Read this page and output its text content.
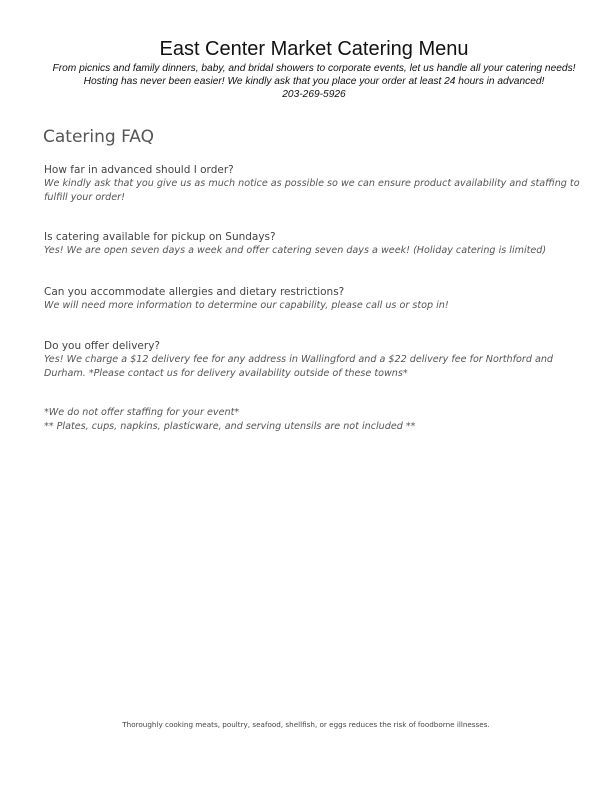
East Center Market Catering Menu
From picnics and family dinners, baby, and bridal showers to corporate events, let us handle all your catering needs! Hosting has never been easier! We kindly ask that you place your order at least 24 hours in advanced!
203-269-5926
Catering FAQ
How far in advanced should I order?
We kindly ask that you give us as much notice as possible so we can ensure product availability and staffing to fulfill your order!
Is catering available for pickup on Sundays?
Yes! We are open seven days a week and offer catering seven days a week! (Holiday catering is limited)
Can you accommodate allergies and dietary restrictions?
We will need more information to determine our capability, please call us or stop in!
Do you offer delivery?
Yes! We charge a $12 delivery fee for any address in Wallingford and a $22 delivery fee for Northford and Durham. *Please contact us for delivery availability outside of these towns*
*We do not offer staffing for your event*
** Plates, cups, napkins, plasticware, and serving utensils are not included **
Thoroughly cooking meats, poultry, seafood, shellfish, or eggs reduces the risk of foodborne illnesses.
